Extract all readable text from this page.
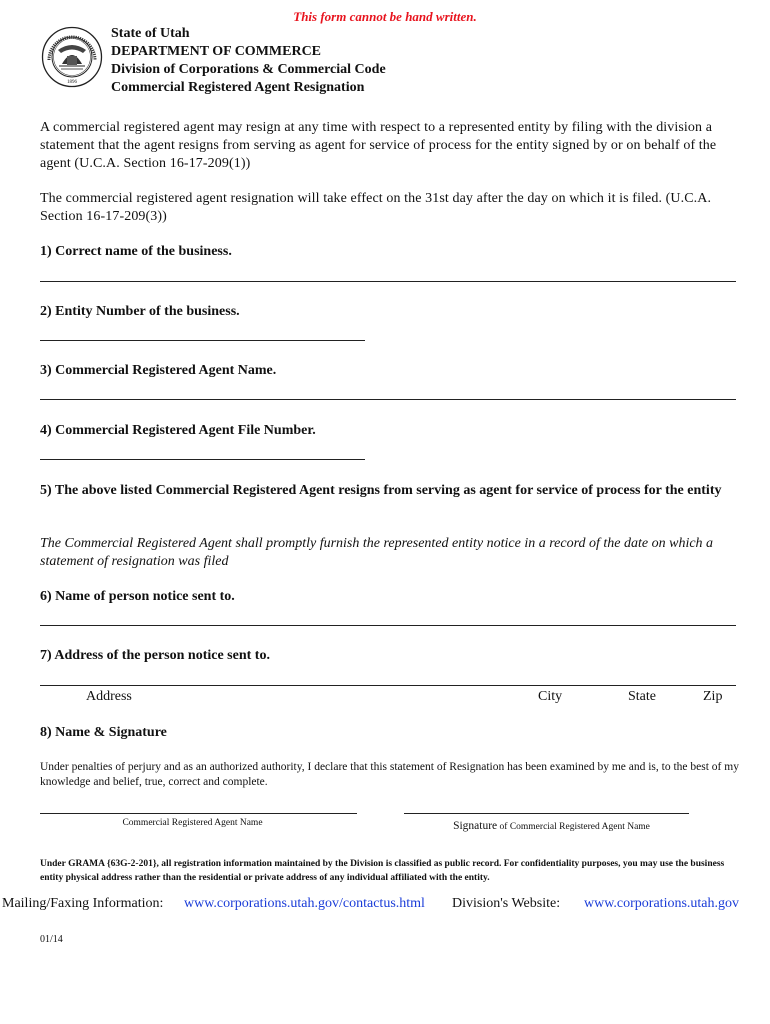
This form cannot be hand written.
1896
State of Utah
DEPARTMENT OF COMMERCE
Division of Corporations & Commercial Code
Commercial Registered Agent Resignation
A commercial registered agent may resign at any time with respect to a represented entity by filing with the division a statement that the agent resigns from serving as agent for service of process for the entity signed by or on behalf of the agent (U.C.A. Section 16-17-209(1))
The commercial registered agent resignation will take effect on the 31st day after the day on which it is filed. (U.C.A. Section 16-17-209(3))
1) Correct name of the business.
2) Entity Number of the business.
3) Commercial Registered Agent Name.
4) Commercial Registered Agent File Number.
5) The above listed Commercial Registered Agent resigns from serving as agent for service of process for the entity
The Commercial Registered Agent shall promptly furnish the represented entity notice in a record of the date on which a statement of resignation was filed
6) Name of person notice sent to.
7) Address of the person notice sent to.
Address	City	State	Zip
8) Name & Signature
Under penalties of perjury and as an authorized authority, I declare that this statement of Resignation has been examined by me and is, to the best of my knowledge and belief, true, correct and complete.
Commercial Registered Agent Name	Signature of Commercial Registered Agent Name
Under GRAMA {63G-2-201}, all registration information maintained by the Division is classified as public record. For confidentiality purposes, you may use the business entity physical address rather than the residential or private address of any individual affiliated with the entity.
Mailing/Faxing Information: www.corporations.utah.gov/contactus.html Division's Website: www.corporations.utah.gov
01/14
